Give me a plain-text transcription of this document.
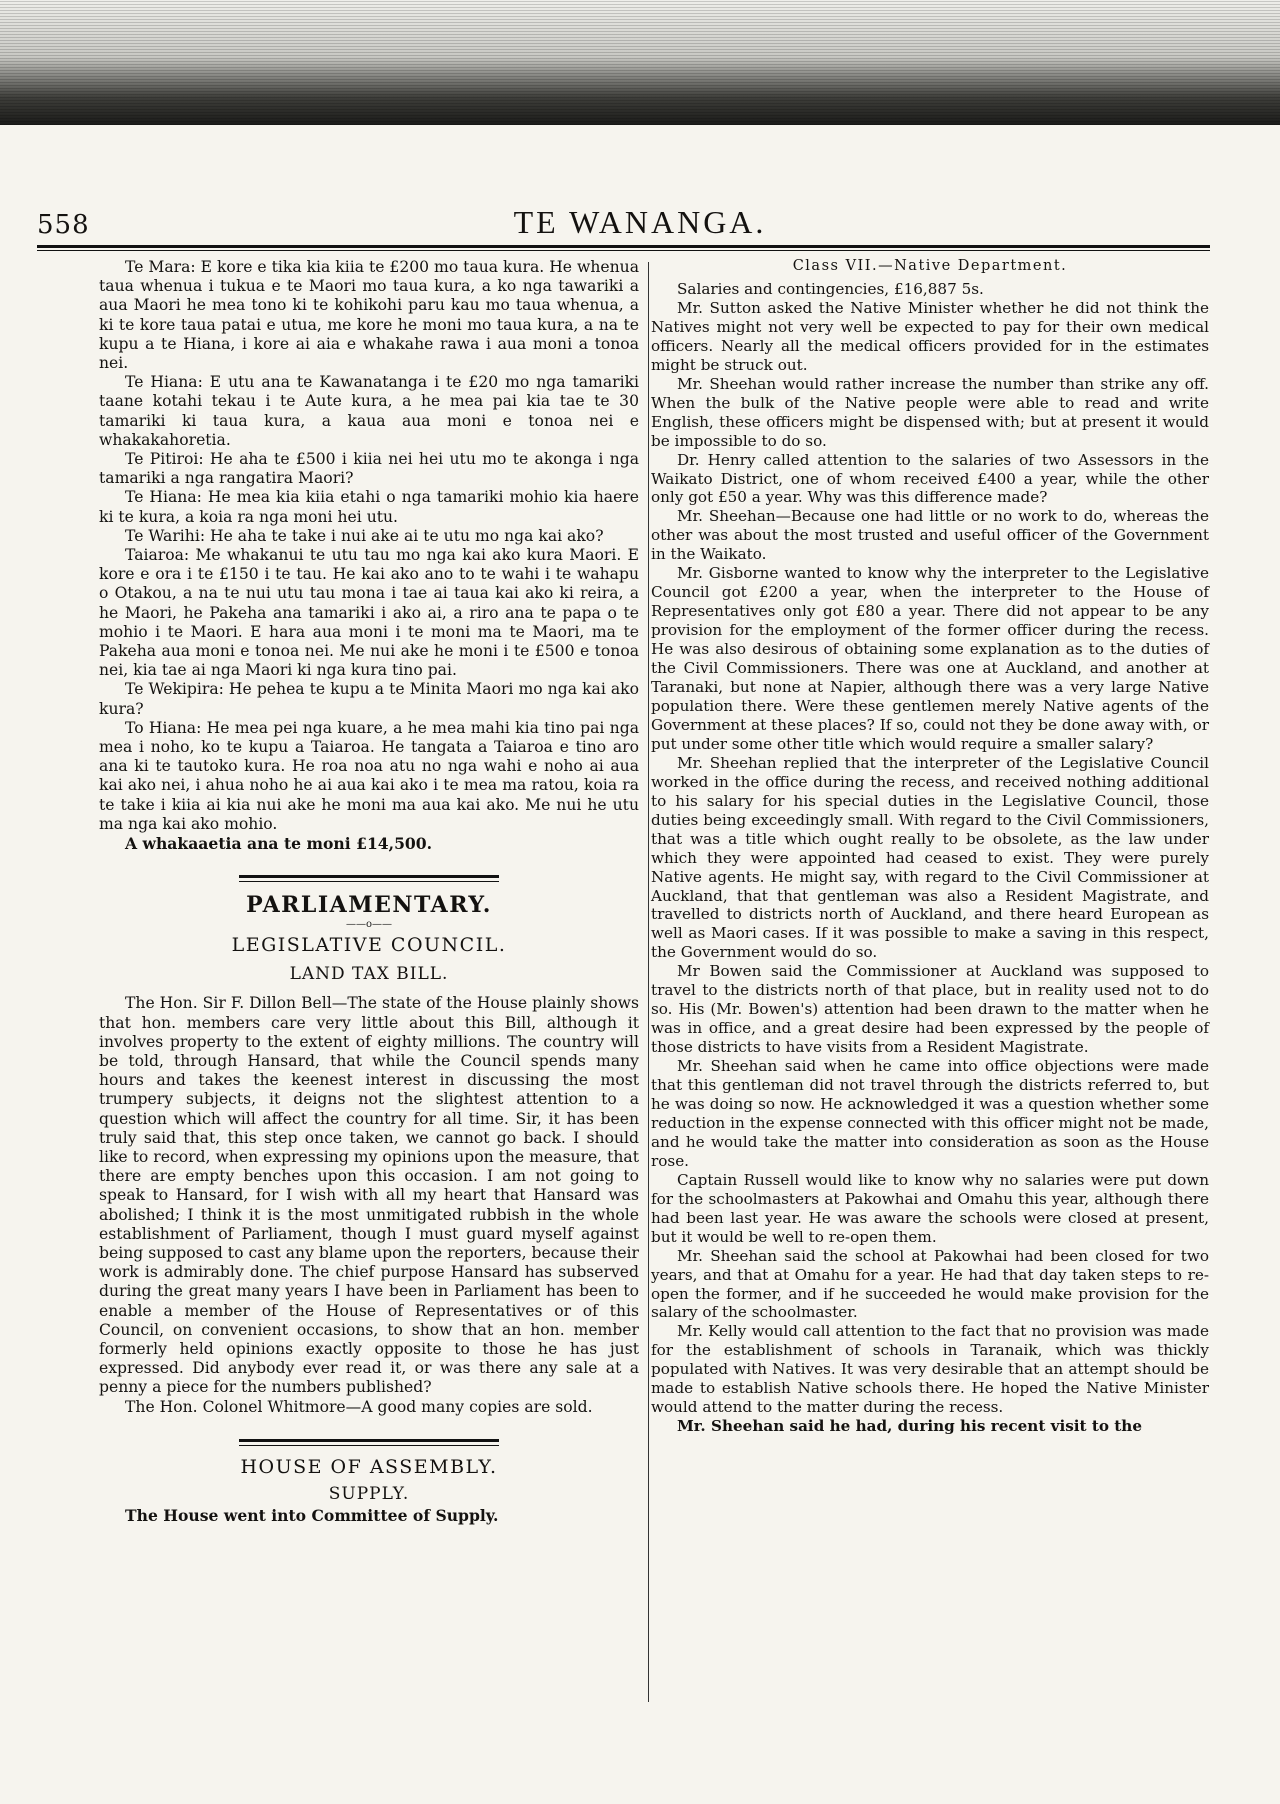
558	TE WANANGA.

Te Mara: E kore e tika kia kiia te £200 mo taua kura. He whenua taua whenua i tukua e te Maori mo taua kura, a ko nga tawariki a aua Maori he mea tono ki te kohikohi paru kau mo taua whenua, a ki te kore taua patai e utua, me kore he moni mo taua kura, a na te kupu a te Hiana, i kore ai aia e whakahe rawa i aua moni a tonoa nei.

Te Hiana: E utu ana te Kawanatanga i te £20 mo nga tamariki taane kotahi tekau i te Aute kura, a he mea pai kia tae te 30 tamariki ki taua kura, a kaua aua moni e tonoa nei e whakakahoretia.

Te Pitiroi: He aha te £500 i kiia nei hei utu mo te akonga i nga tamariki a nga rangatira Maori?

Te Hiana: He mea kia kiia etahi o nga tamariki mohio kia haere ki te kura, a koia ra nga moni hei utu.

Te Warihi: He aha te take i nui ake ai te utu mo nga kai ako?

Taiaroa: Me whakanui te utu tau mo nga kai ako kura Maori. E kore e ora i te £150 i te tau. He kai ako ano to te wahi i te wahapu o Otakou, a na te nui utu tau mona i tae ai taua kai ako ki reira, a he Maori, he Pakeha ana tamariki i ako ai, a riro ana te papa o te mohio i te Maori. E hara aua moni i te moni ma te Maori, ma te Pakeha aua moni e tonoa nei. Me nui ake he moni i te £500 e tonoa nei, kia tae ai nga Maori ki nga kura tino pai.

Te Wekipira: He pehea te kupu a te Minita Maori mo nga kai ako kura?

To Hiana: He mea pei nga kuare, a he mea mahi kia tino pai nga mea i noho, ko te kupu a Taiaroa. He tangata a Taiaroa e tino aro ana ki te tautoko kura. He roa noa atu no nga wahi e noho ai aua kai ako nei, i ahua noho he ai aua kai ako i te mea ma ratou, koia ra te take i kiia ai kia nui ake he moni ma aua kai ako. Me nui he utu ma nga kai ako mohio.

A whakaaetia ana te moni £14,500.

PARLIAMENTARY.
——o——
LEGISLATIVE COUNCIL.
LAND TAX BILL.

The Hon. Sir F. Dillon Bell—The state of the House plainly shows that hon. members care very little about this Bill, although it involves property to the extent of eighty millions. The country will be told, through Hansard, that while the Council spends many hours and takes the keenest interest in discussing the most trumpery subjects, it deigns not the slightest attention to a question which will affect the country for all time. Sir, it has been truly said that, this step once taken, we cannot go back. I should like to record, when expressing my opinions upon the measure, that there are empty benches upon this occasion. I am not going to speak to Hansard, for I wish with all my heart that Hansard was abolished; I think it is the most unmitigated rubbish in the whole establishment of Parliament, though I must guard myself against being supposed to cast any blame upon the reporters, because their work is admirably done. The chief purpose Hansard has subserved during the great many years I have been in Parliament has been to enable a member of the House of Representatives or of this Council, on convenient occasions, to show that an hon. member formerly held opinions exactly opposite to those he has just expressed. Did anybody ever read it, or was there any sale at a penny a piece for the numbers published?

The Hon. Colonel Whitmore—A good many copies are sold.

HOUSE OF ASSEMBLY.
SUPPLY.

The House went into Committee of Supply.

Class VII.—Native Department.

Salaries and contingencies, £16,887 5s.

Mr. Sutton asked the Native Minister whether he did not think the Natives might not very well be expected to pay for their own medical officers. Nearly all the medical officers provided for in the estimates might be struck out.

Mr. Sheehan would rather increase the number than strike any off. When the bulk of the Native people were able to read and write English, these officers might be dispensed with; but at present it would be impossible to do so.

Dr. Henry called attention to the salaries of two Assessors in the Waikato District, one of whom received £400 a year, while the other only got £50 a year. Why was this difference made?

Mr. Sheehan—Because one had little or no work to do, whereas the other was about the most trusted and useful officer of the Government in the Waikato.

Mr. Gisborne wanted to know why the interpreter to the Legislative Council got £200 a year, when the interpreter to the House of Representatives only got £80 a year. There did not appear to be any provision for the employment of the former officer during the recess. He was also desirous of obtaining some explanation as to the duties of the Civil Commissioners. There was one at Auckland, and another at Taranaki, but none at Napier, although there was a very large Native population there. Were these gentlemen merely Native agents of the Government at these places? If so, could not they be done away with, or put under some other title which would require a smaller salary?

Mr. Sheehan replied that the interpreter of the Legislative Council worked in the office during the recess, and received nothing additional to his salary for his special duties in the Legislative Council, those duties being exceedingly small. With regard to the Civil Commissioners, that was a title which ought really to be obsolete, as the law under which they were appointed had ceased to exist. They were purely Native agents. He might say, with regard to the Civil Commissioner at Auckland, that that gentleman was also a Resident Magistrate, and travelled to districts north of Auckland, and there heard European as well as Maori cases. If it was possible to make a saving in this respect, the Government would do so.

Mr Bowen said the Commissioner at Auckland was supposed to travel to the districts north of that place, but in reality used not to do so. His (Mr. Bowen's) attention had been drawn to the matter when he was in office, and a great desire had been expressed by the people of those districts to have visits from a Resident Magistrate.

Mr. Sheehan said when he came into office objections were made that this gentleman did not travel through the districts referred to, but he was doing so now. He acknowledged it was a question whether some reduction in the expense connected with this officer might not be made, and he would take the matter into consideration as soon as the House rose.

Captain Russell would like to know why no salaries were put down for the schoolmasters at Pakowhai and Omahu this year, although there had been last year. He was aware the schools were closed at present, but it would be well to re-open them.

Mr. Sheehan said the school at Pakowhai had been closed for two years, and that at Omahu for a year. He had that day taken steps to re-open the former, and if he succeeded he would make provision for the salary of the schoolmaster.

Mr. Kelly would call attention to the fact that no provision was made for the establishment of schools in Taranaik, which was thickly populated with Natives. It was very desirable that an attempt should be made to establish Native schools there. He hoped the Native Minister would attend to the matter during the recess.

Mr. Sheehan said he had, during his recent visit to the
